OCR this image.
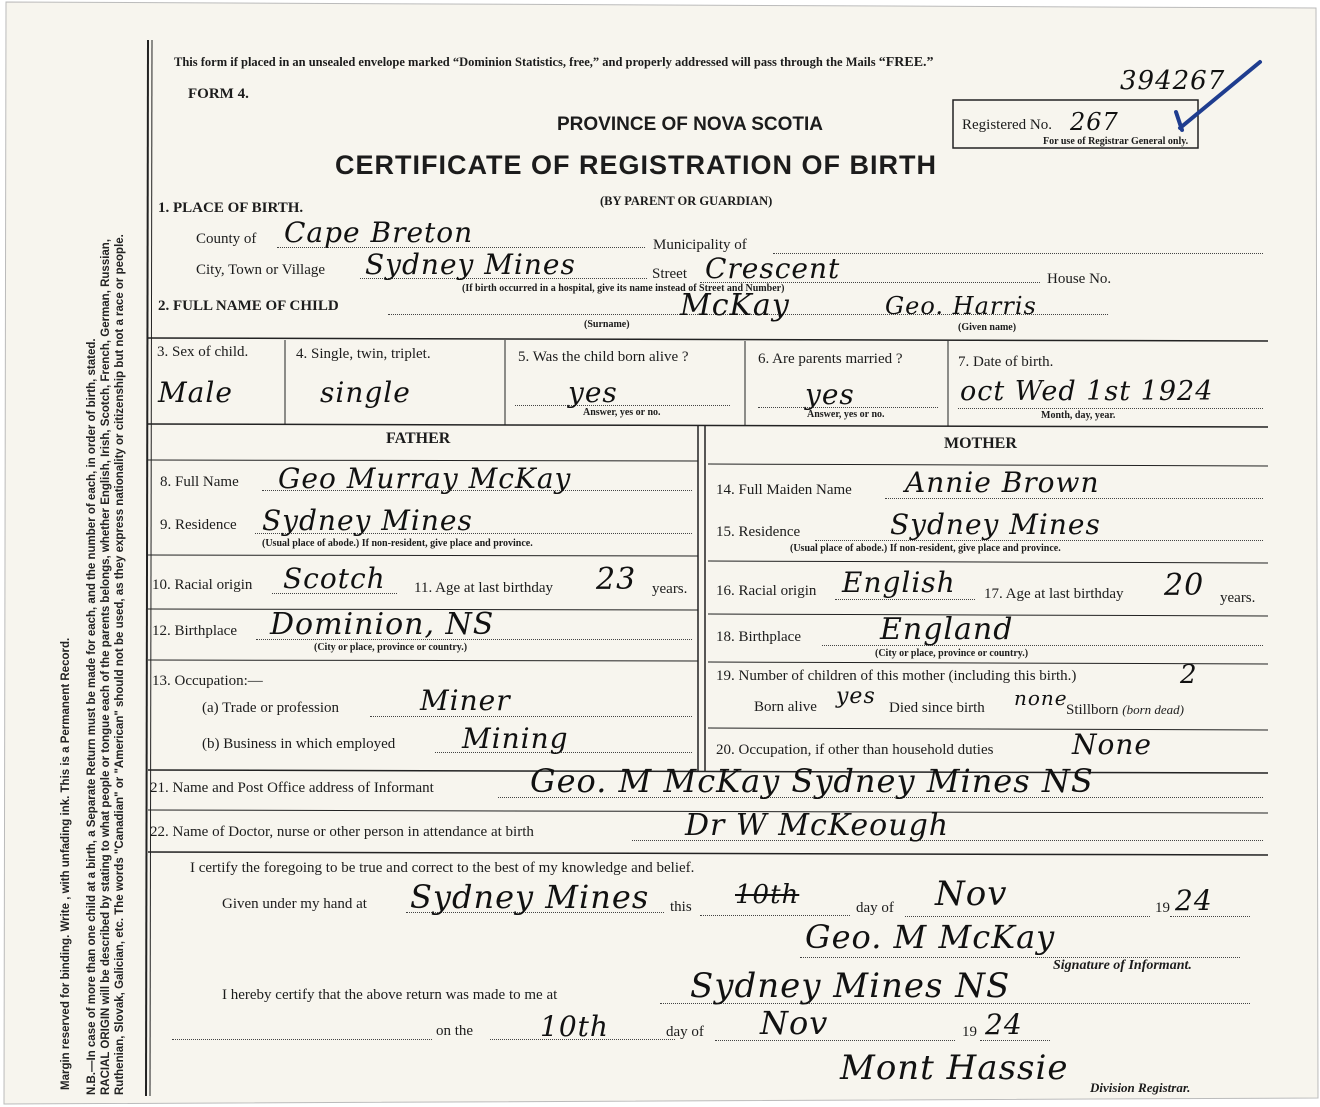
Margin reserved for binding. Write , with unfading ink. This is a Permanent Record. N.B.—In case of more than one child at a birth, a Separate Return must be made for each, and the number of each, in order of birth, stated. RACIAL ORIGIN will be described by stating to what people or tongue each of the parents belongs, whether English, Irish, Scotch, French, German, Russian, Ruthenian, Slovak, Galician, etc. The words "Canadian" or "American" should not be used, as they express nationality or citizenship but not a race or people.
This form if placed in an unsealed envelope marked “Dominion Statistics, free,” and properly addressed will pass through the Mails “FREE.”
FORM 4.
PROVINCE OF NOVA SCOTIA
CERTIFICATE OF REGISTRATION OF BIRTH
(BY PARENT OR GUARDIAN)
Registered No. 267
For use of Registrar General only.
394267
1. PLACE OF BIRTH.
County of Cape Breton	Municipality of
City, Town or Village Sydney Mines	Street Crescent	House No.
(If birth occurred in a hospital, give its name instead of Street and Number)
2. FULL NAME OF CHILD	McKay	Geo. Harris
(Surname)	(Given name)
3. Sex of child.
Male
4. Single, twin, triplet.
single
5. Was the child born alive ?
yes
Answer, yes or no.
6. Are parents married ?
yes
Answer, yes or no.
7. Date of birth.
oct Wed 1st 1924
Month, day, year.
FATHER	MOTHER
8. Full Name Geo Murray McKay
9. Residence Sydney Mines
(Usual place of abode.) If non-resident, give place and province.
10. Racial origin Scotch 11. Age at last birthday 23 years.
12. Birthplace Dominion, NS
(City or place, province or country.)
13. Occupation:—
(a) Trade or profession	Miner
(b) Business in which employed Mining
14. Full Maiden Name Annie Brown
15. Residence	Sydney Mines
(Usual place of abode.) If non-resident, give place and province.
16. Racial origin English 17. Age at last birthday 20 years.
18. Birthplace	England
(City or place, province or country.)
19. Number of children of this mother (including this birth.)	2
Born alive yes Died since birth none
Stillborn (born dead)
20. Occupation, if other than household duties	None
21. Name and Post Office address of Informant	Geo. M McKay Sydney Mines NS
22. Name of Doctor, nurse or other person in attendance at birth	Dr W McKeough
I certify the foregoing to be true and correct to the best of my knowledge and belief.
Given under my hand at Sydney Mines this 10th	day of Nov	19 24
Geo. M McKay
Signature of Informant.
I hereby certify that the above return was made to me at	Sydney Mines NS
on the 10th	day of Nov	19 24
Mont Hassie Division Registrar.
